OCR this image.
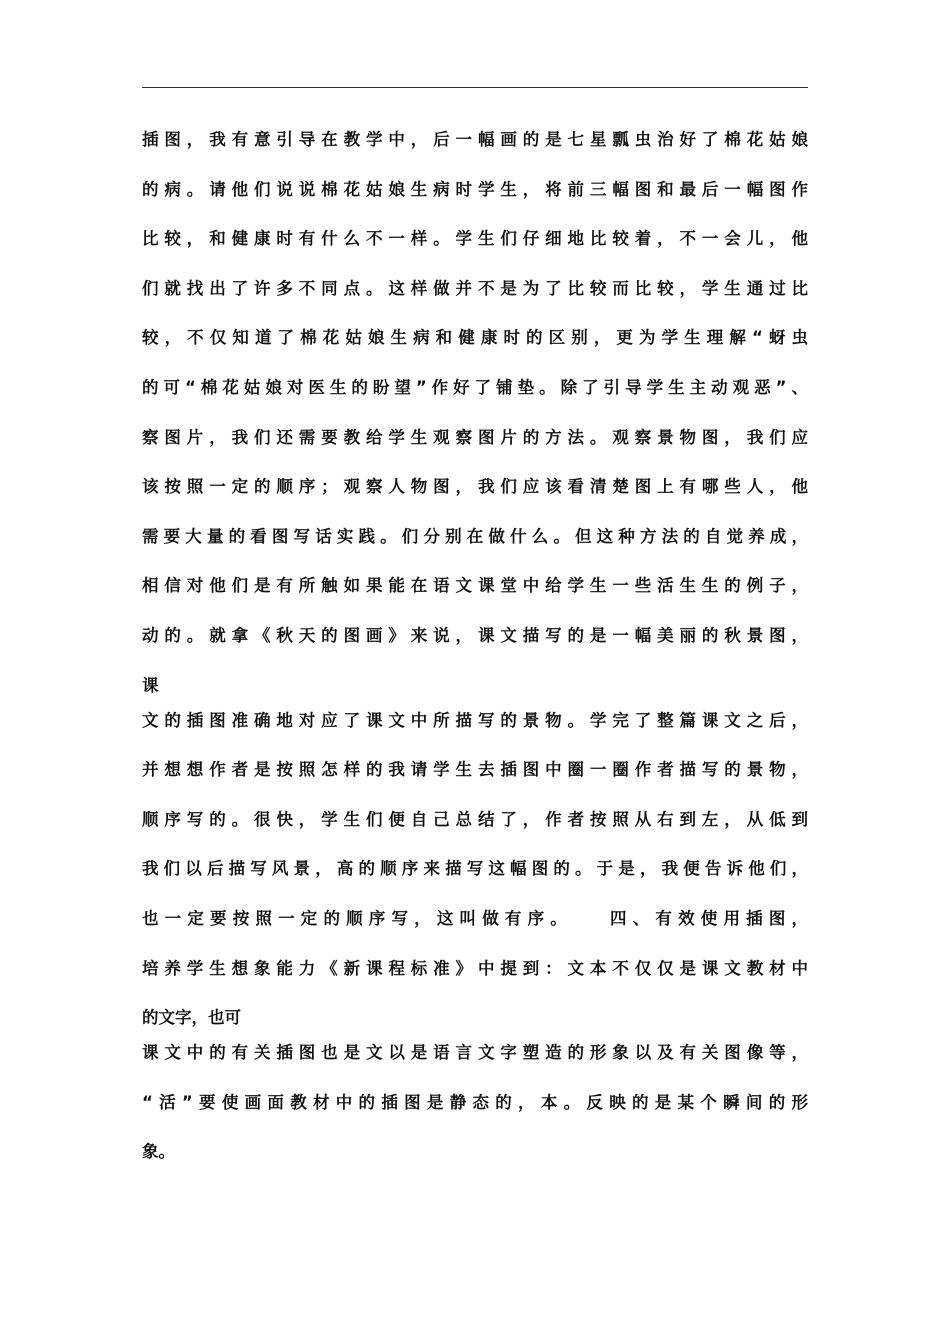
插图，我有意引导在教学中，后一幅画的是七星瓢虫治好了棉花姑娘
的病。请他们说说棉花姑娘生病时学生，将前三幅图和最后一幅图作
比较，和健康时有什么不一样。学生们仔细地比较着，不一会儿，他
们就找出了许多不同点。这样做并不是为了比较而比较，学生通过比
较，不仅知道了棉花姑娘生病和健康时的区别，更为学生理解“蚜虫
的可“棉花姑娘对医生的盼望”作好了铺垫。除了引导学生主动观恶”、
察图片，我们还需要教给学生观察图片的方法。观察景物图，我们应
该按照一定的顺序；观察人物图，我们应该看清楚图上有哪些人，他
需要大量的看图写话实践。们分别在做什么。但这种方法的自觉养成，
相信对他们是有所触如果能在语文课堂中给学生一些活生生的例子，
动的。就拿《秋天的图画》来说，课文描写的是一幅美丽的秋景图，
课
文的插图准确地对应了课文中所描写的景物。学完了整篇课文之后，
并想想作者是按照怎样的我请学生去插图中圈一圈作者描写的景物，
顺序写的。很快，学生们便自己总结了，作者按照从右到左，从低到
我们以后描写风景，高的顺序来描写这幅图的。于是，我便告诉他们，
也一定要按照一定的顺序写，这叫做有序。　　四、有效使用插图，
培养学生想象能力《新课程标准》中提到：文本不仅仅是课文教材中
的文字，也可
课文中的有关插图也是文以是语言文字塑造的形象以及有关图像等，
“活”要使画面教材中的插图是静态的，本。反映的是某个瞬间的形
象。
